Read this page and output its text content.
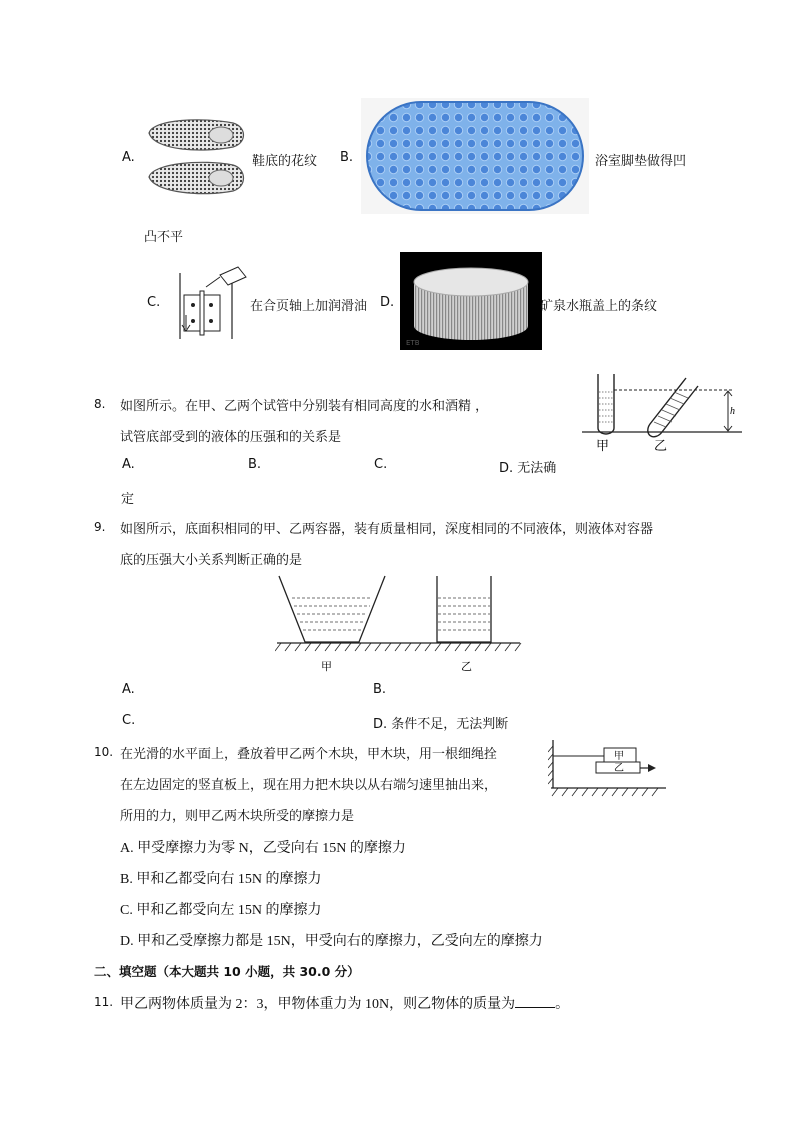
A.	鞋底的花纹 B.	浴室脚垫做得凹
凸不平
C.	在合页轴上加润滑油 D.
ETB
矿泉水瓶盖上的条纹
8. 如图所示。在甲、乙两个试管中分别装有相同高度的水和酒精 ，
试管底部受到的液体的压强和的关系是
h
甲	乙
A.	B.	C.	D. 无法确
定
9. 如图所示，底面积相同的甲、乙两容器，装有质量相同，深度相同的不同液体，则液体对容器
底的压强大小关系判断正确的是
甲	乙
A.	B.
C.	D. 条件不足，无法判断
10. 在光滑的水平面上，叠放着甲乙两个木块，甲木块，用一根细绳拴
在左边固定的竖直板上，现在用力把木块以从右端匀速里抽出来，
所用的力，则甲乙两木块所受的摩擦力是
甲
乙
A. 甲受摩擦力为零 N，乙受向右 15N 的摩擦力
B. 甲和乙都受向右 15N 的摩擦力
C. 甲和乙都受向左 15N 的摩擦力
D. 甲和乙受摩擦力都是 15N，甲受向右的摩擦力，乙受向左的摩擦力
二、填空题（本大题共 10 小题，共 30.0 分）
11. 甲乙两物体质量为 2：3，甲物体重力为 10N，则乙物体的质量为	。
